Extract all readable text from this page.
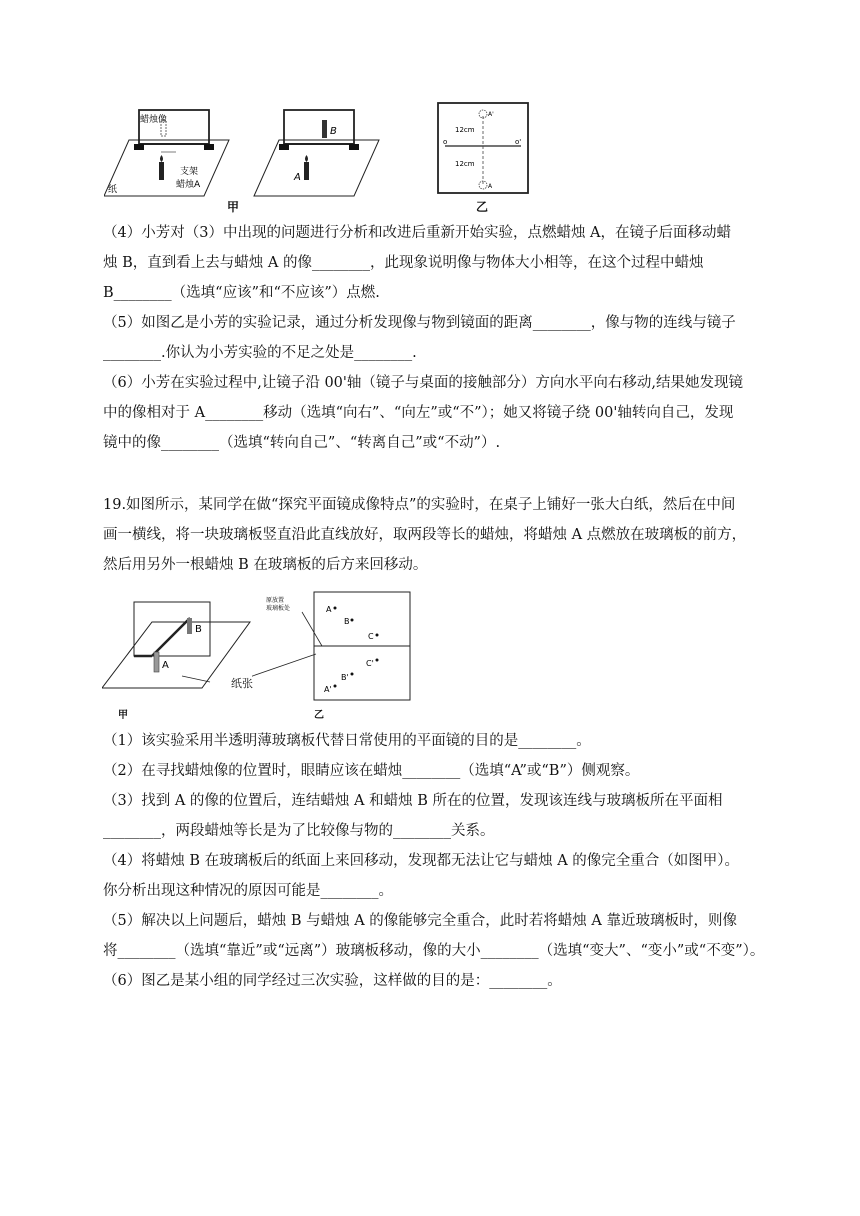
蜡烛像
支架
蜡烛A
纸
B
A
甲
A'
A
o	o'
12cm
12cm
乙

（4）小芳对（3）中出现的问题进行分析和改进后重新开始实验，点燃蜡烛 A，在镜子后面移动蜡

烛 B，直到看上去与蜡烛 A 的像________，此现象说明像与物体大小相等，在这个过程中蜡烛

B________（选填“应该”和“不应该”）点燃.

（5）如图乙是小芳的实验记录，通过分析发现像与物到镜面的距离________，像与物的连线与镜子

________.你认为小芳实验的不足之处是________.

（6）小芳在实验过程中,让镜子沿 00'轴（镜子与桌面的接触部分）方向水平向右移动,结果她发现镜

中的像相对于 A________移动（选填“向右”、“向左”或“不”）；她又将镜子绕 00'轴转向自己，发现

镜中的像________（选填“转向自己”、“转离自己”或“不动”）.

19.如图所示，某同学在做“探究平面镜成像特点”的实验时，在桌子上铺好一张大白纸，然后在中间

画一横线，将一块玻璃板竖直沿此直线放好，取两段等长的蜡烛，将蜡烛 A 点燃放在玻璃板的前方，

然后用另外一根蜡烛 B 在玻璃板的后方来回移动。

B
A
甲
原放置
玻璃板处	A
B
C
A'
B'
C'
纸张
乙

（1）该实验采用半透明薄玻璃板代替日常使用的平面镜的目的是________。

（2）在寻找蜡烛像的位置时，眼睛应该在蜡烛________（选填“A”或“B”）侧观察。

（3）找到 A 的像的位置后，连结蜡烛 A 和蜡烛 B 所在的位置，发现该连线与玻璃板所在平面相

________，两段蜡烛等长是为了比较像与物的________关系。

（4）将蜡烛 B 在玻璃板后的纸面上来回移动，发现都无法让它与蜡烛 A 的像完全重合（如图甲）。

你分析出现这种情况的原因可能是________。

（5）解决以上问题后，蜡烛 B 与蜡烛 A 的像能够完全重合，此时若将蜡烛 A 靠近玻璃板时，则像

将________（选填“靠近”或“远离”）玻璃板移动，像的大小________（选填“变大”、“变小”或“不变”）。

（6）图乙是某小组的同学经过三次实验，这样做的目的是：________。
